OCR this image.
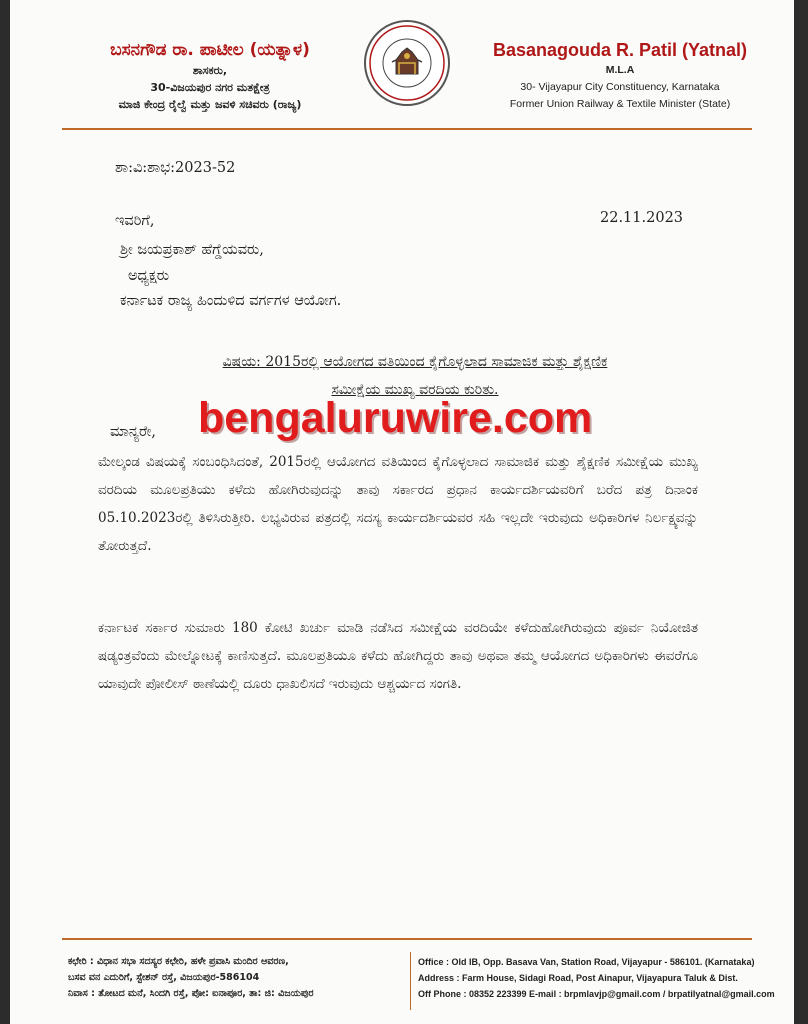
ಬಸನಗೌಡ ರಾ. ಪಾಟೀಲ (ಯತ್ನಾಳ)
ಶಾಸಕರು,
30-ವಿಜಯಪುರ ನಗರ ಮತಕ್ಷೇತ್ರ
ಮಾಜಿ ಕೇಂದ್ರ ರೈಲ್ವೆ ಮತ್ತು ಜವಳಿ ಸಚಿವರು (ರಾಜ್ಯ)
Basanagouda R. Patil (Yatnal)
M.L.A
30- Vijayapur City Constituency, Karnataka
Former Union Railway & Textile Minister (State)
ಶಾ:ವಿ:ಶಾಭ:2023-52
ಇವರಿಗೆ,	22.11.2023
ಶ್ರೀ ಜಯಪ್ರಕಾಶ್ ಹೆಗ್ಡೆಯವರು,
ಅಧ್ಯಕ್ಷರು
ಕರ್ನಾಟಕ ರಾಜ್ಯ ಹಿಂದುಳಿದ ವರ್ಗಗಳ ಆಯೋಗ.
ವಿಷಯ: 2015ರಲ್ಲಿ ಆಯೋಗದ ವತಿಯಿಂದ ಕೈಗೊಳ್ಳಲಾದ ಸಾಮಾಜಿಕ ಮತ್ತು ಶೈಕ್ಷಣಿಕ
ಸಮೀಕ್ಷೆಯ ಮುಖ್ಯ ವರದಿಯ ಕುರಿತು.
ಮಾನ್ಯರೇ,
ಮೇಲ್ಕಂಡ ವಿಷಯಕ್ಕೆ ಸಂಬಂಧಿಸಿದಂತೆ, 2015ರಲ್ಲಿ ಆಯೋಗದ ವತಿಯಿಂದ ಕೈಗೊಳ್ಳಲಾದ ಸಾಮಾಜಿಕ ಮತ್ತು ಶೈಕ್ಷಣಿಕ ಸಮೀಕ್ಷೆಯ ಮುಖ್ಯ ವರದಿಯ ಮೂಲಪ್ರತಿಯು ಕಳೆದು ಹೋಗಿರುವುದನ್ನು ತಾವು ಸರ್ಕಾರದ ಪ್ರಧಾನ ಕಾರ್ಯದರ್ಶಿಯವರಿಗೆ ಬರೆದ ಪತ್ರ ದಿನಾಂಕ 05.10.2023ರಲ್ಲಿ ತಿಳಿಸಿರುತ್ತೀರಿ. ಲಭ್ಯವಿರುವ ಪತ್ರದಲ್ಲಿ ಸದಸ್ಯ ಕಾರ್ಯದರ್ಶಿಯವರ ಸಹಿ ಇಲ್ಲದೇ ಇರುವುದು ಅಧಿಕಾರಿಗಳ ನಿರ್ಲಕ್ಷ್ಯವನ್ನು ತೋರುತ್ತದೆ.
ಕರ್ನಾಟಕ ಸರ್ಕಾರ ಸುಮಾರು 180 ಕೋಟಿ ಖರ್ಚು ಮಾಡಿ ನಡೆಸಿದ ಸಮೀಕ್ಷೆಯ ವರದಿಯೇ ಕಳೆದುಹೋಗಿರುವುದು ಪೂರ್ವ ನಿಯೋಜಿತ ಷಡ್ಯಂತ್ರವೆಂದು ಮೇಲ್ನೋಟಕ್ಕೆ ಕಾಣಿಸುತ್ತದೆ. ಮೂಲಪ್ರತಿಯೂ ಕಳೆದು ಹೋಗಿದ್ದರು ತಾವು ಅಥವಾ ತಮ್ಮ ಆಯೋಗದ ಅಧಿಕಾರಿಗಳು ಈವರೆಗೂ ಯಾವುದೇ ಪೋಲೀಸ್ ಠಾಣೆಯಲ್ಲಿ ದೂರು ಧಾಖಲಿಸದೆ ಇರುವುದು ಆಶ್ಚರ್ಯದ ಸಂಗತಿ.
bengaluruwire.com
ಕಛೇರಿ : ವಿಧಾನ ಸಭಾ ಸದಸ್ಯರ ಕಛೇರಿ, ಹಳೇ ಪ್ರವಾಸಿ ಮಂದಿರ ಆವರಣ,
ಬಸವ ವನ ಎದುರಿಗೆ, ಸ್ಟೇಶನ್ ರಸ್ತೆ, ವಿಜಯಪುರ-586104
ನಿವಾಸ : ತೋಟದ ಮನೆ, ಸಿಂದಗಿ ರಸ್ತೆ, ಪೋ: ಐನಾಪೂರ, ತಾ: ಜಿ: ವಿಜಯಪುರ
Office : Old IB, Opp. Basava Van, Station Road, Vijayapur - 586101. (Karnataka)
Address : Farm House, Sidagi Road, Post Ainapur, Vijayapura Taluk & Dist.
Off Phone : 08352 223399 E-mail : brpmlavjp@gmail.com / brpatilyatnal@gmail.com
